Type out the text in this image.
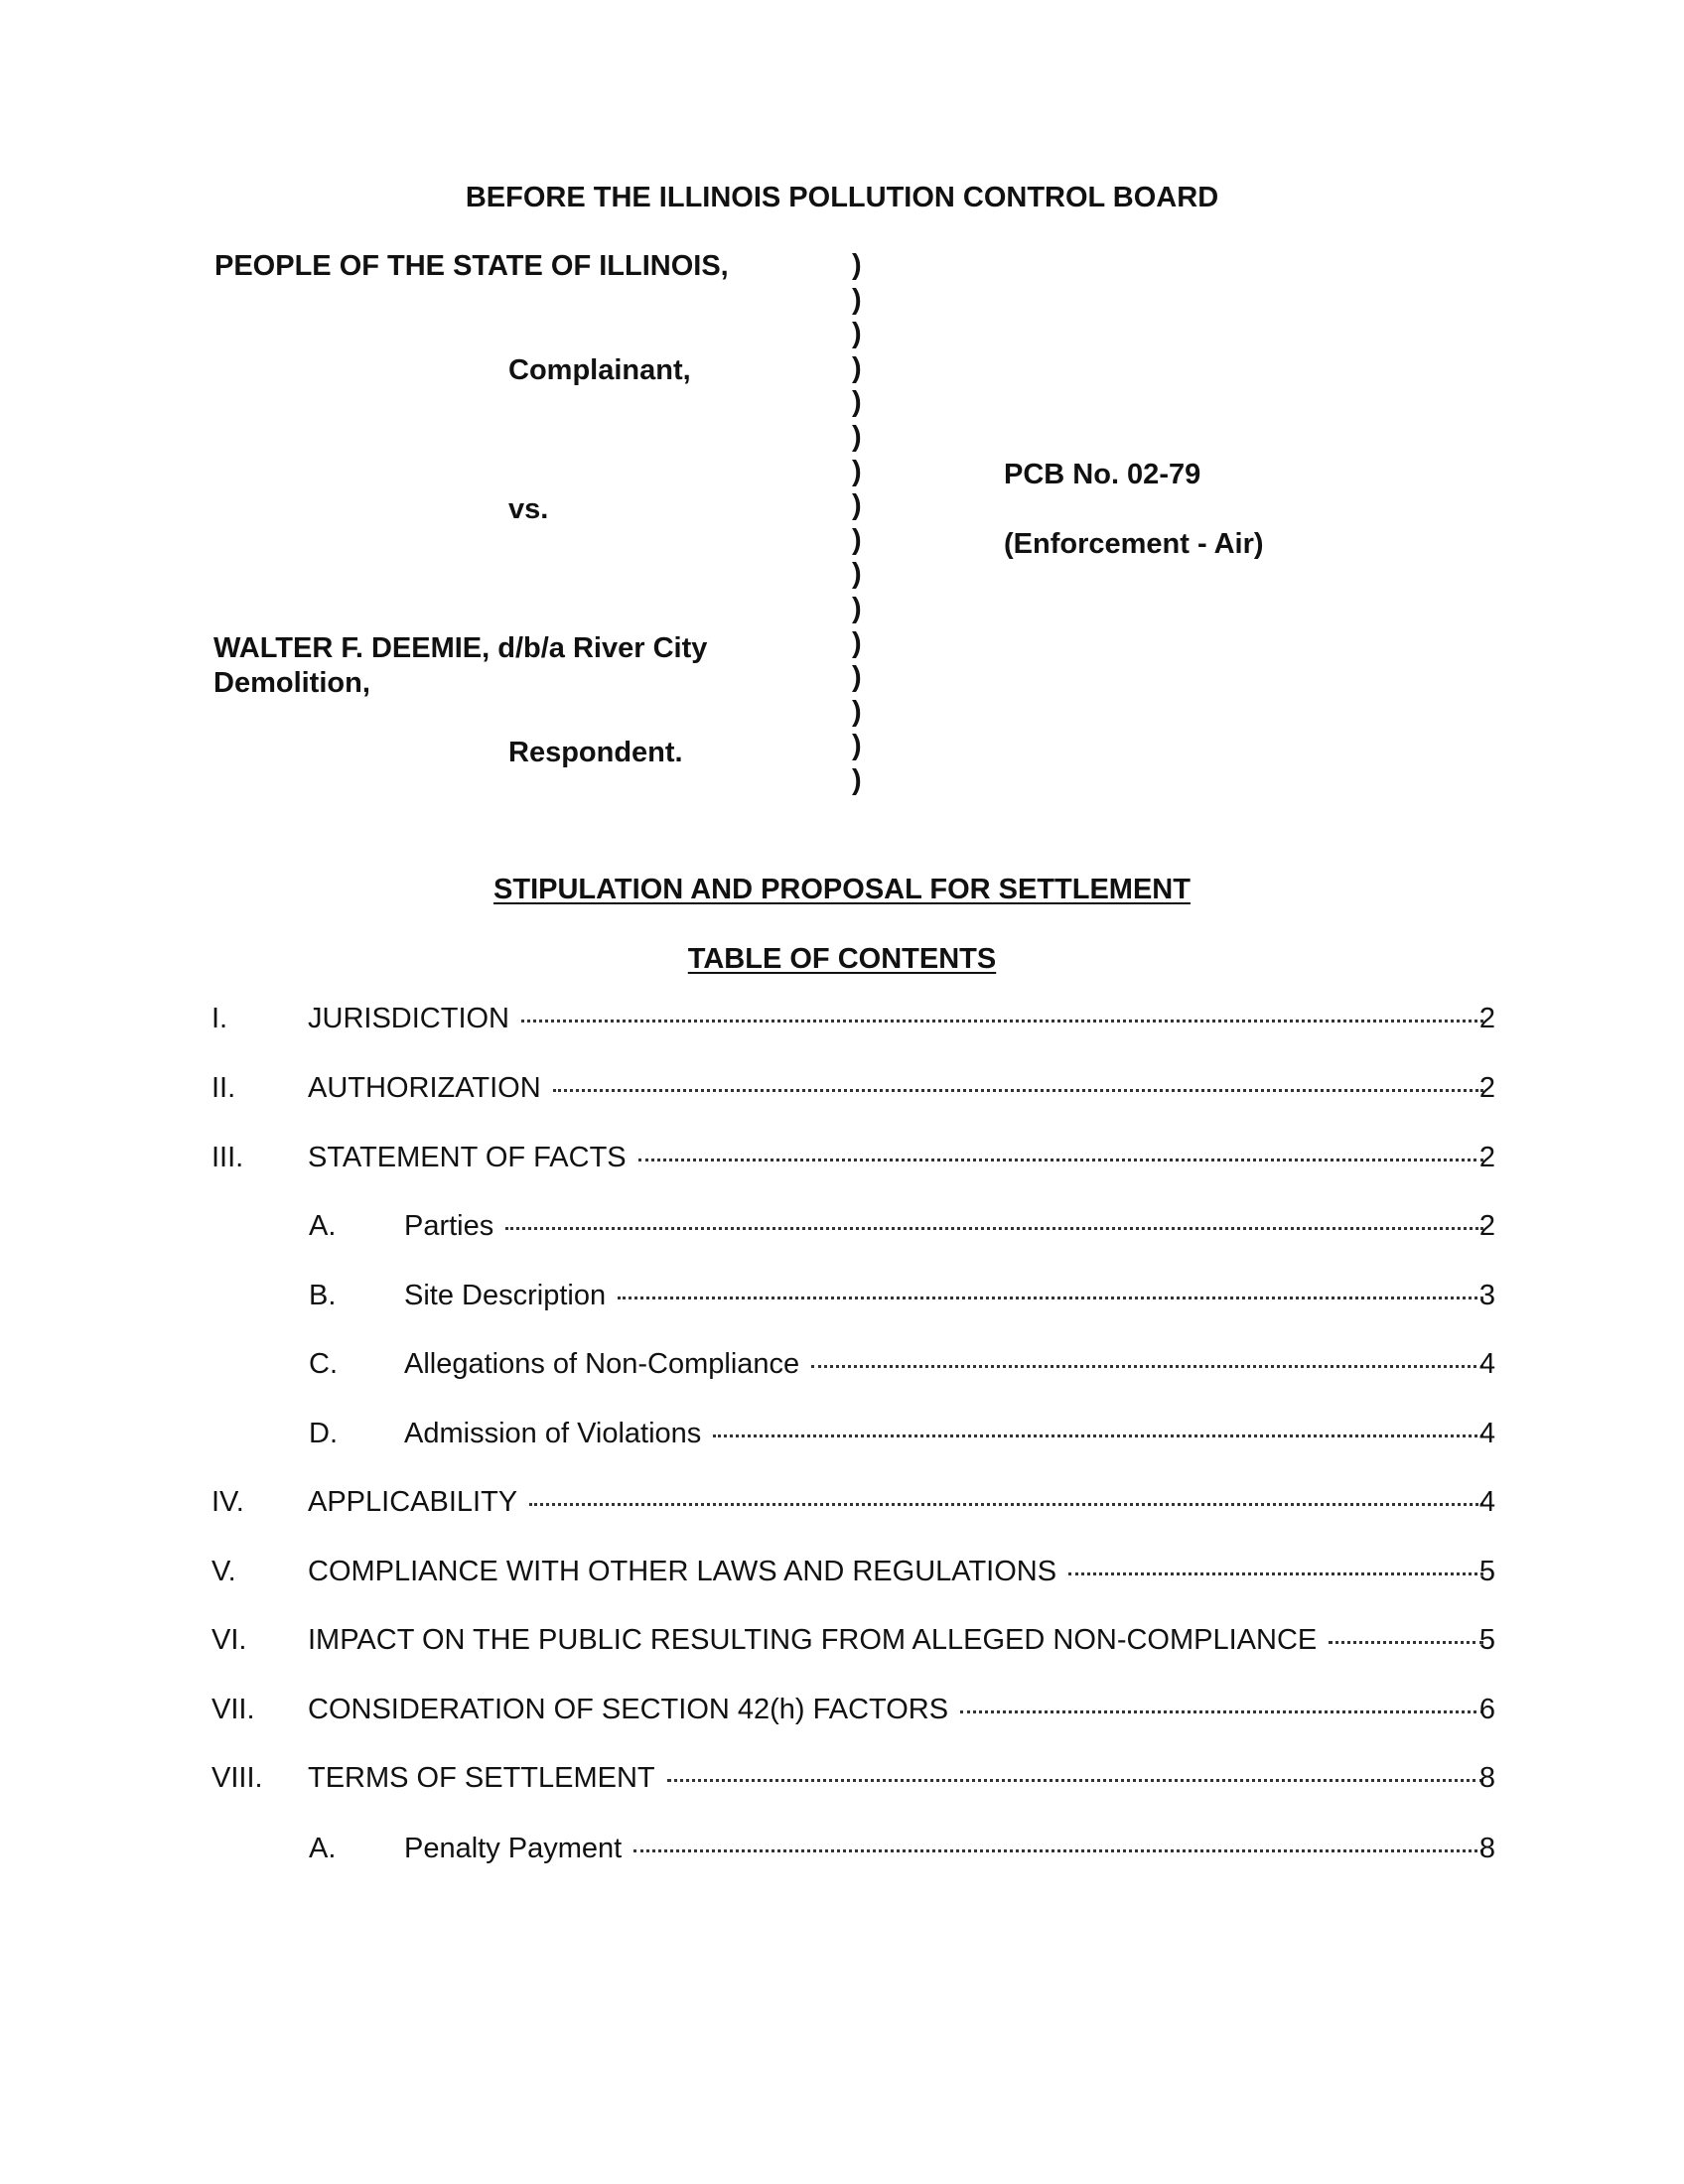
BEFORE THE ILLINOIS POLLUTION CONTROL BOARD
PEOPLE OF THE STATE OF ILLINOIS,
Complainant,
vs.
WALTER F. DEEMIE, d/b/a River City
Demolition,
Respondent.
)
)
)
)
)
)
)
)
)
)
)
)
)
)
)
)
PCB No. 02-79
(Enforcement - Air)
STIPULATION AND PROPOSAL FOR SETTLEMENT
TABLE OF CONTENTS
I.	JURISDICTION	2
II.	AUTHORIZATION	2
III. STATEMENT OF FACTS	2
A. Parties	2
B. Site Description	3
C. Allegations of Non-Compliance	4
D. Admission of Violations	4
IV. APPLICABILITY	4
V. COMPLIANCE WITH OTHER LAWS AND REGULATIONS	5
VI. IMPACT ON THE PUBLIC RESULTING FROM ALLEGED NON-COMPLIANCE	5
VII. CONSIDERATION OF SECTION 42(h) FACTORS	6
VIII. TERMS OF SETTLEMENT	8
A. Penalty Payment	8
